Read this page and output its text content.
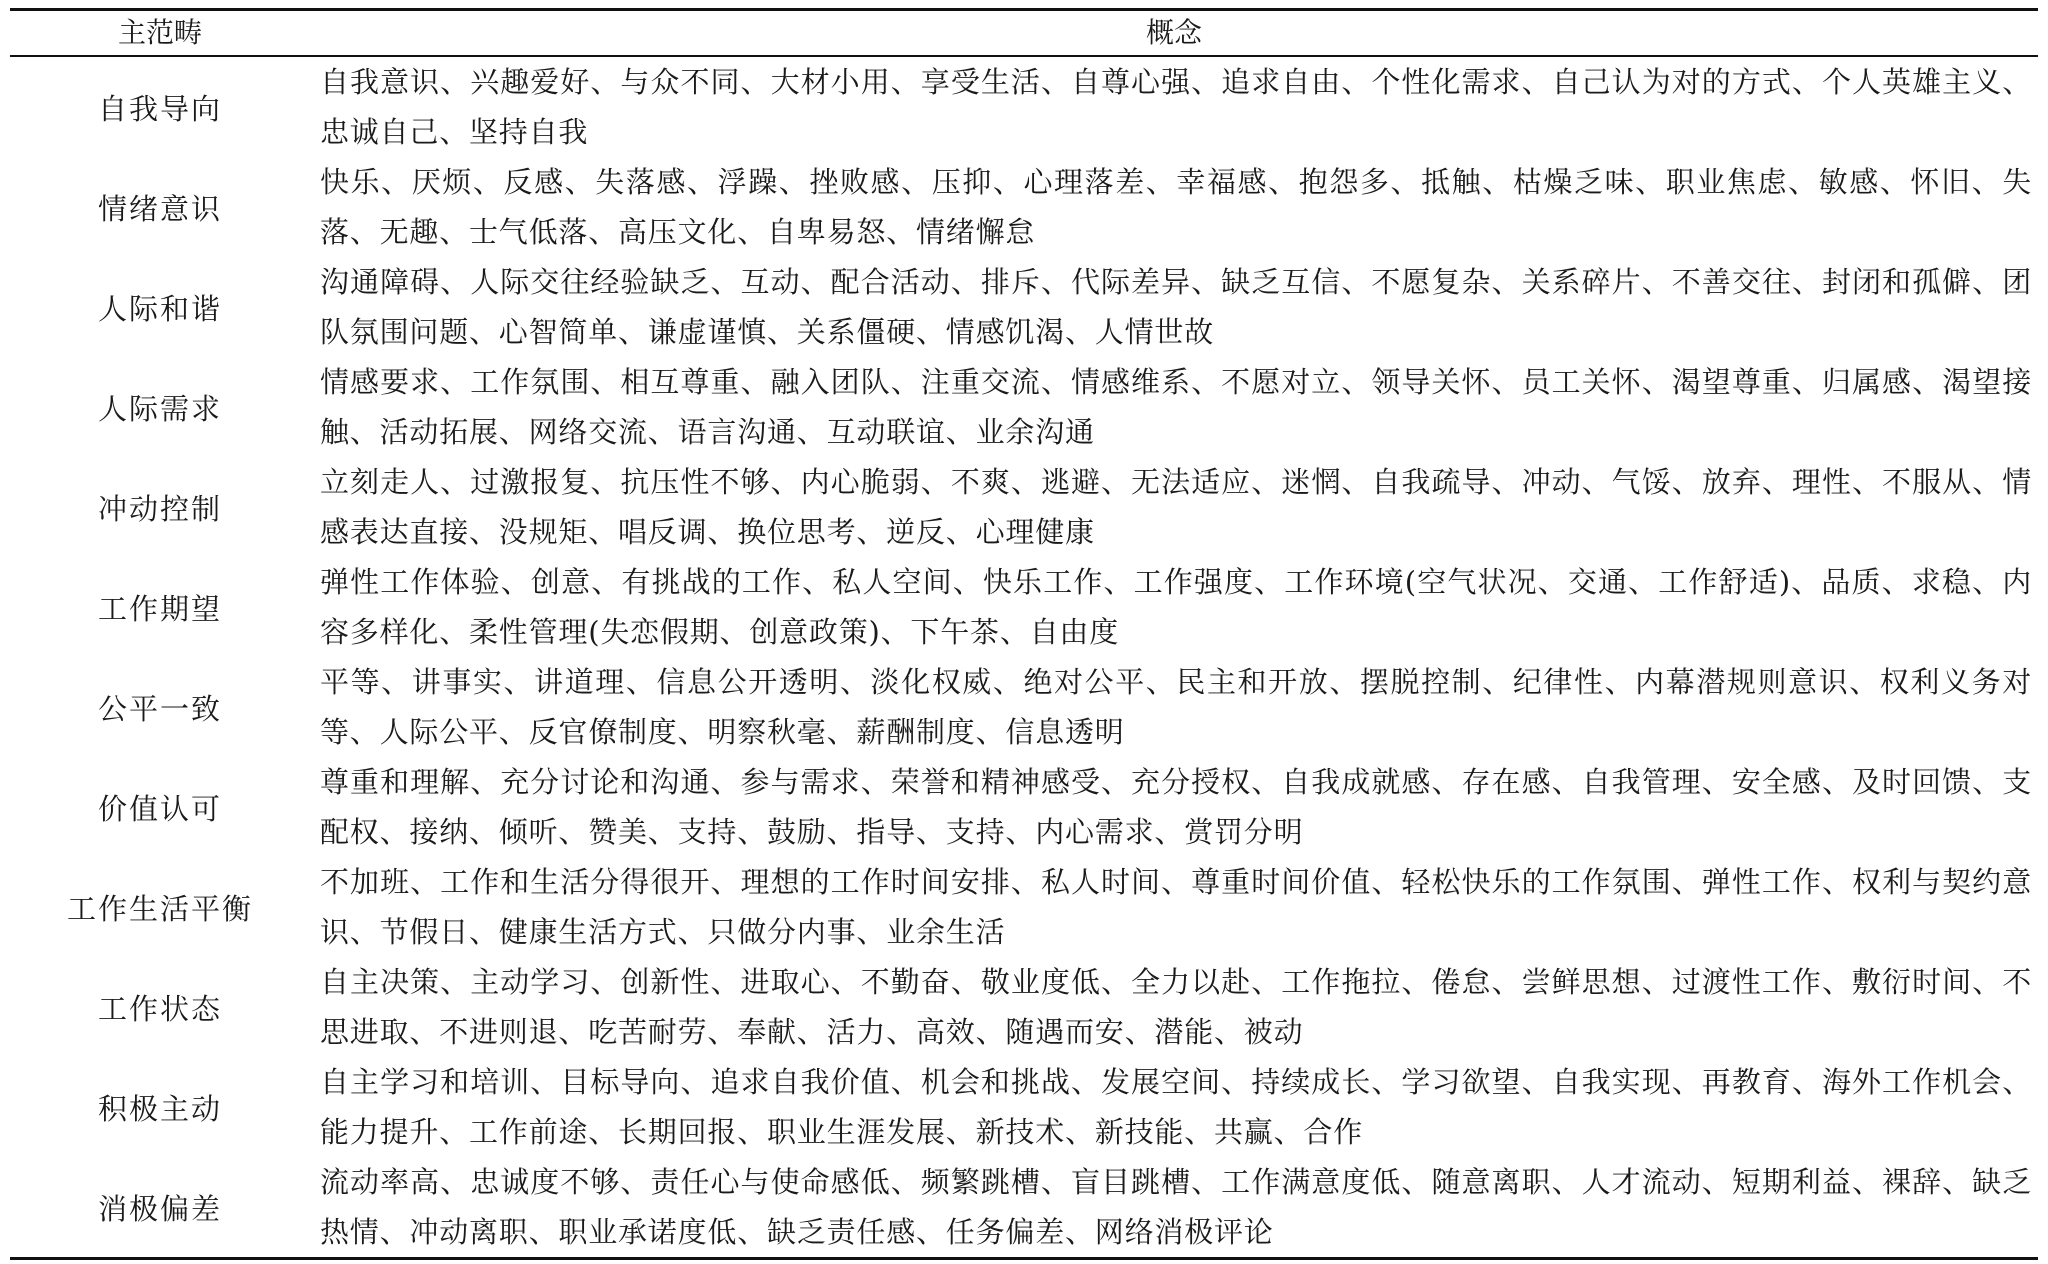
主范畴	概念
自我导向	自我意识、兴趣爱好、与众不同、大材小用、享受生活、自尊心强、追求自由、个性化需求、自己认为对的方式、个人英雄主义、忠诚自己、坚持自我
情绪意识	快乐、厌烦、反感、失落感、浮躁、挫败感、压抑、心理落差、幸福感、抱怨多、抵触、枯燥乏味、职业焦虑、敏感、怀旧、失落、无趣、士气低落、高压文化、自卑易怒、情绪懈怠
人际和谐	沟通障碍、人际交往经验缺乏、互动、配合活动、排斥、代际差异、缺乏互信、不愿复杂、关系碎片、不善交往、封闭和孤僻、团队氛围问题、心智简单、谦虚谨慎、关系僵硬、情感饥渴、人情世故
人际需求	情感要求、工作氛围、相互尊重、融入团队、注重交流、情感维系、不愿对立、领导关怀、员工关怀、渴望尊重、归属感、渴望接触、活动拓展、网络交流、语言沟通、互动联谊、业余沟通
冲动控制	立刻走人、过激报复、抗压性不够、内心脆弱、不爽、逃避、无法适应、迷惘、自我疏导、冲动、气馁、放弃、理性、不服从、情感表达直接、没规矩、唱反调、换位思考、逆反、心理健康
工作期望	弹性工作体验、创意、有挑战的工作、私人空间、快乐工作、工作强度、工作环境(空气状况、交通、工作舒适)、品质、求稳、内容多样化、柔性管理(失恋假期、创意政策)、下午茶、自由度
公平一致	平等、讲事实、讲道理、信息公开透明、淡化权威、绝对公平、民主和开放、摆脱控制、纪律性、内幕潜规则意识、权利义务对等、人际公平、反官僚制度、明察秋毫、薪酬制度、信息透明
价值认可	尊重和理解、充分讨论和沟通、参与需求、荣誉和精神感受、充分授权、自我成就感、存在感、自我管理、安全感、及时回馈、支配权、接纳、倾听、赞美、支持、鼓励、指导、支持、内心需求、赏罚分明
工作生活平衡	不加班、工作和生活分得很开、理想的工作时间安排、私人时间、尊重时间价值、轻松快乐的工作氛围、弹性工作、权利与契约意识、节假日、健康生活方式、只做分内事、业余生活
工作状态	自主决策、主动学习、创新性、进取心、不勤奋、敬业度低、全力以赴、工作拖拉、倦怠、尝鲜思想、过渡性工作、敷衍时间、不思进取、不进则退、吃苦耐劳、奉献、活力、高效、随遇而安、潜能、被动
积极主动	自主学习和培训、目标导向、追求自我价值、机会和挑战、发展空间、持续成长、学习欲望、自我实现、再教育、海外工作机会、能力提升、工作前途、长期回报、职业生涯发展、新技术、新技能、共赢、合作
消极偏差	流动率高、忠诚度不够、责任心与使命感低、频繁跳槽、盲目跳槽、工作满意度低、随意离职、人才流动、短期利益、裸辞、缺乏热情、冲动离职、职业承诺度低、缺乏责任感、任务偏差、网络消极评论
